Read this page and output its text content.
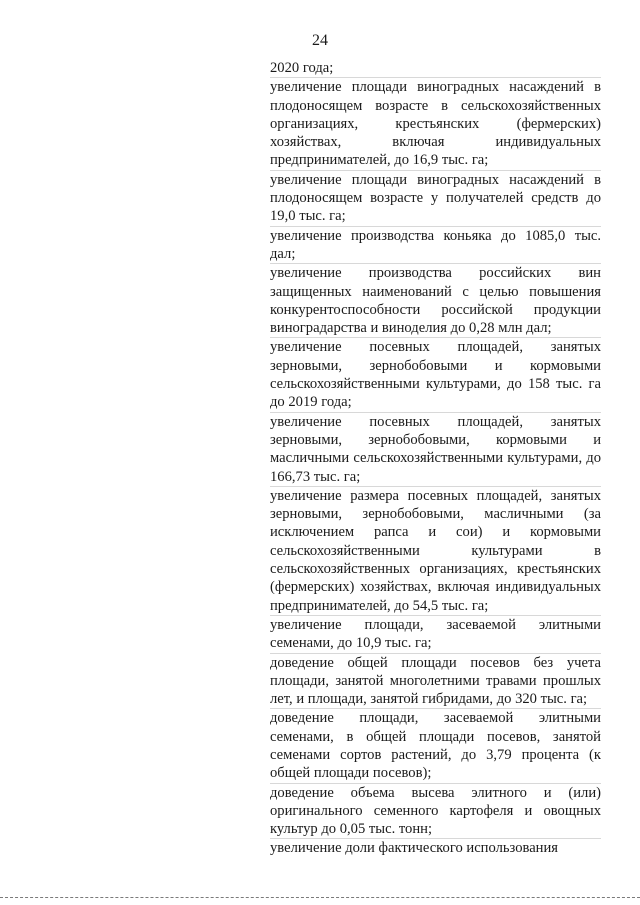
24

2020 года;

увеличение площади виноградных насаждений в плодоносящем возрасте в сельскохозяйственных организациях, крестьянских (фермерских) хозяйствах, включая индивидуальных предпринимателей, до 16,9 тыс. га;

увеличение площади виноградных насаждений в плодоносящем возрасте у получателей средств до 19,0 тыс. га;

увеличение производства коньяка до 1085,0 тыс. дал;

увеличение производства российских вин защищенных наименований с целью повышения конкурентоспособности российской продукции виноградарства и виноделия до 0,28 млн дал;

увеличение посевных площадей, занятых зерновыми, зернобобовыми и кормовыми сельскохозяйственными культурами, до 158 тыс. га до 2019 года;

увеличение посевных площадей, занятых зерновыми, зернобобовыми, кормовыми и масличными сельскохозяйственными культурами, до 166,73 тыс. га;

увеличение размера посевных площадей, занятых зерновыми, зернобобовыми, масличными (за исключением рапса и сои) и кормовыми сельскохозяйственными культурами в сельскохозяйственных организациях, крестьянских (фермерских) хозяйствах, включая индивидуальных предпринимателей, до 54,5 тыс. га;

увеличение площади, засеваемой элитными семенами, до 10,9 тыс. га;

доведение общей площади посевов без учета площади, занятой многолетними травами прошлых лет, и площади, занятой гибридами, до 320 тыс. га;

доведение площади, засеваемой элитными семенами, в общей площади посевов, занятой семенами сортов растений, до 3,79 процента (к общей площади посевов);

доведение объема высева элитного и (или) оригинального семенного картофеля и овощных культур до 0,05 тыс. тонн;

увеличение доли фактического использования
